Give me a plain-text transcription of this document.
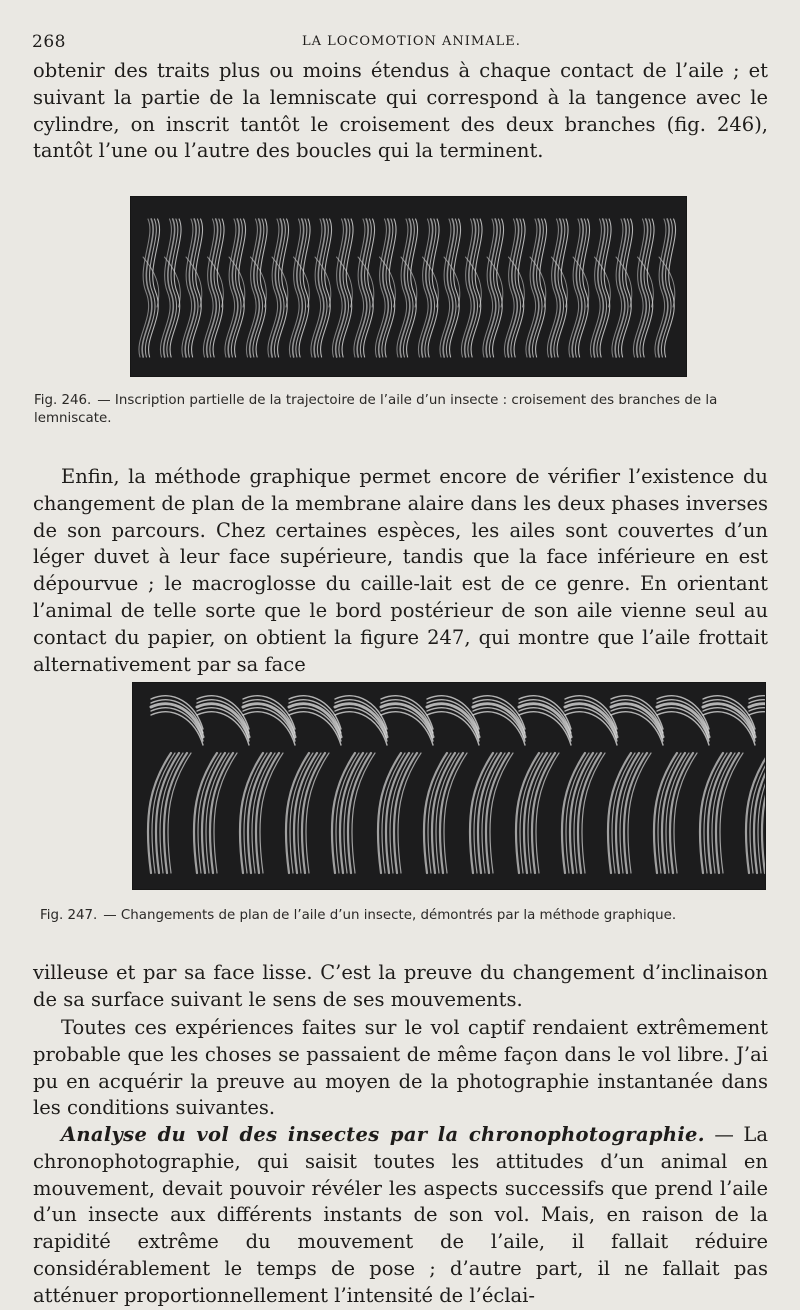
268	LA LOCOMOTION ANIMALE.

obtenir des traits plus ou moins étendus à chaque contact de l’aile ; et suivant la partie de la lemniscate qui correspond à la tangence avec le cylindre, on inscrit tantôt le croisement des deux branches (fig. 246), tantôt l’une ou l’autre des boucles qui la terminent.

Fig. 246. — Inscription partielle de la trajectoire de l’aile d’un insecte : croisement des branches de la lemniscate.

Enfin, la méthode graphique permet encore de vérifier l’existence du changement de plan de la membrane alaire dans les deux phases inverses de son parcours. Chez certaines espèces, les ailes sont couvertes d’un léger duvet à leur face supérieure, tandis que la face inférieure en est dépourvue ; le macroglosse du caille-lait est de ce genre. En orientant l’animal de telle sorte que le bord postérieur de son aile vienne seul au contact du papier, on obtient la figure 247, qui montre que l’aile frottait alternativement par sa face

Fig. 247. — Changements de plan de l’aile d’un insecte, démontrés par la méthode graphique.

villeuse et par sa face lisse. C’est la preuve du changement d’inclinaison de sa surface suivant le sens de ses mouvements.

Toutes ces expériences faites sur le vol captif rendaient extrêmement probable que les choses se passaient de même façon dans le vol libre. J’ai pu en acquérir la preuve au moyen de la photographie instantanée dans les conditions suivantes.

Analyse du vol des insectes par la chronophotographie. — La chronophotographie, qui saisit toutes les attitudes d’un animal en mouvement, devait pouvoir révéler les aspects successifs que prend l’aile d’un insecte aux différents instants de son vol. Mais, en raison de la rapidité extrême du mouvement de l’aile, il fallait réduire considérablement le temps de pose ; d’autre part, il ne fallait pas atténuer proportionnellement l’intensité de l’éclai-
